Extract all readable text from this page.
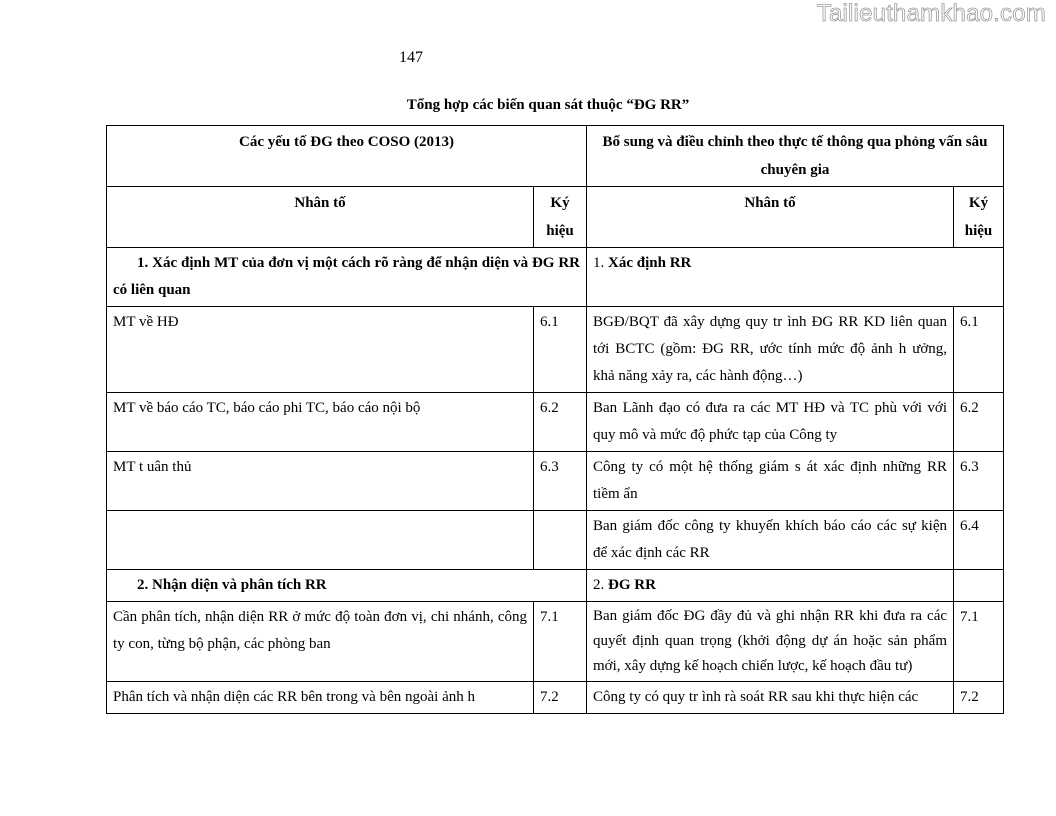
Tailieuthamkhao.com
147
Tổng hợp các biến quan sát thuộc “ĐG RR”
Các yếu tố ĐG theo COSO (2013)		Bổ sung và điều chỉnh theo thực tế thông qua phỏng vấn sâu chuyên gia	
Nhân tố	Ký hiệu	Nhân tố	Ký hiệu
1. Xác định MT của đơn vị một cách rõ ràng để nhận diện và ĐG RR có liên quan		1. Xác định RR	
MT về HĐ	6.1	BGĐ/BQT đã xây dựng quy tr ình ĐG RR KD liên quan tới BCTC (gồm: ĐG RR, ước tính mức độ ảnh h ưởng, khả năng xảy ra, các hành động…)	6.1
MT về báo cáo TC, báo cáo phi TC, báo cáo nội bộ	6.2	Ban Lãnh đạo có đưa ra các MT HĐ và TC phù với với quy mô và mức độ phức tạp của Công ty	6.2
MT t uân thủ	6.3	Công ty có một hệ thống giám s át xác định những RR tiềm ẩn	6.3
		Ban giám đốc công ty khuyến khích báo cáo các sự kiện để xác định các RR	6.4
2. Nhận diện và phân tích RR		2. ĐG RR	
Cần phân tích, nhận diện RR ở mức độ toàn đơn vị, chi nhánh, công ty con, từng bộ phận, các phòng ban	7.1	Ban giám đốc ĐG đầy đủ và ghi nhận RR khi đưa ra các quyết định quan trọng (khởi động dự án hoặc sản phẩm mới, xây dựng kế hoạch chiến lược, kế hoạch đầu tư)	7.1
Phân tích và nhận diện các RR bên trong và bên ngoài ảnh h	7.2	Công ty có quy tr ình rà soát RR sau khi thực hiện các	7.2
